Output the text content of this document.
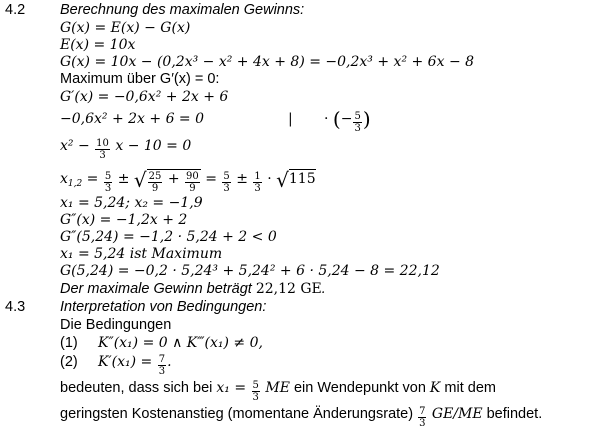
4.2 Berechnung des maximalen Gewinns:
G(x) = E(x) − G(x)
E(x) = 10x
G(x) = 10x − (0,2x³ − x² + 4x + 8) = −0,2x³ + x² + 6x − 8
Maximum über G′(x) = 0:
G′(x) = −0,6x² + 2x + 6
−0,6x² + 2x + 6 = 0	| · (− $\frac{5}{3}$ )
$x^2 - \frac{10}{3}$ x − 10 = 0
$x_{1,2} = \frac{5}{3}$ ± √ $\frac{25}{9} + \frac{90}{9} = \frac{5}{3} \pm \frac{1}{3} \cdot √115$
x₁ = 5,24; x₂ = −1,9
G″(x) = −1,2x + 2
G″(5,24) = −1,2 · 5,24 + 2 < 0
x₁ = 5,24 ist Maximum
G(5,24) = −0,2 · 5,24³ + 5,24² + 6 · 5,24 − 8 = 22,12
Der maximale Gewinn beträgt 22,12 GE.
4.3 Interpretation von Bedingungen:
Die Bedingungen
(1) K″(x₁) = 0 ∧ K‴(x₁) ≠ 0,
(2) $K'(x_1) = \frac{7}{3}$ .
bedeuten, dass sich bei $x_1 = \frac{5}{3}$ ME ein Wendepunkt von K mit dem
geringsten Kostenanstieg (momentane Änderungsrate) $\frac{7}{3} GE/ME$ befindet.
